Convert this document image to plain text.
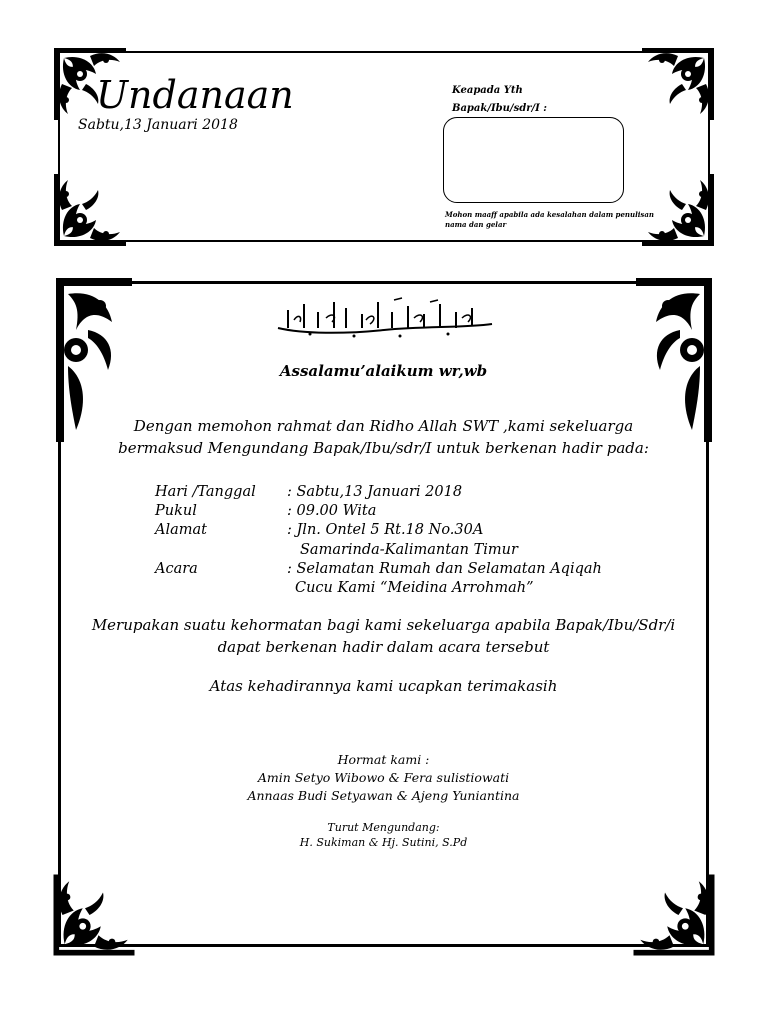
Undanaan
Sabtu,13 Januari 2018
Keapada Yth
Bapak/Ibu/sdr/I :
Mohon maaff apabila ada kesalahan dalam penulisan nama dan gelar
Assalamu’alaikum wr,wb
Dengan memohon rahmat dan Ridho Allah SWT ,kami sekeluarga
bermaksud Mengundang Bapak/Ibu/sdr/I untuk berkenan hadir pada:
Hari /Tanggal : Sabtu,13 Januari 2018
Pukul	: 09.00 Wita
Alamat	: Jln. Ontel 5 Rt.18 No.30A
Samarinda-Kalimantan Timur
Acara	: Selamatan Rumah dan Selamatan Aqiqah
Cucu Kami “Meidina Arrohmah”
Merupakan suatu kehormatan bagi kami sekeluarga apabila Bapak/Ibu/Sdr/i
dapat berkenan hadir dalam acara tersebut
Atas kehadirannya kami ucapkan terimakasih
Hormat kami :
Amin Setyo Wibowo & Fera sulistiowati
Annaas Budi Setyawan & Ajeng Yuniantina
Turut Mengundang:
H. Sukiman & Hj. Sutini, S.Pd
